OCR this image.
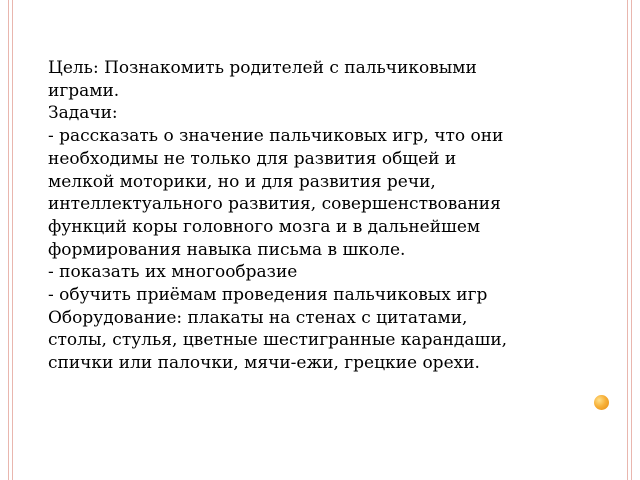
Цель: Познакомить родителей с пальчиковыми
играми.
Задачи:
- рассказать о значение пальчиковых игр, что они
необходимы не только для развития общей и
мелкой моторики, но и для развития речи,
интеллектуального развития, совершенствования
функций коры головного мозга и в дальнейшем
формирования навыка письма в школе.
- показать их многообразие
- обучить приёмам проведения пальчиковых игр
Оборудование: плакаты на стенах с цитатами,
столы, стулья, цветные шестигранные карандаши,
спички или палочки, мячи-ежи, грецкие орехи.
